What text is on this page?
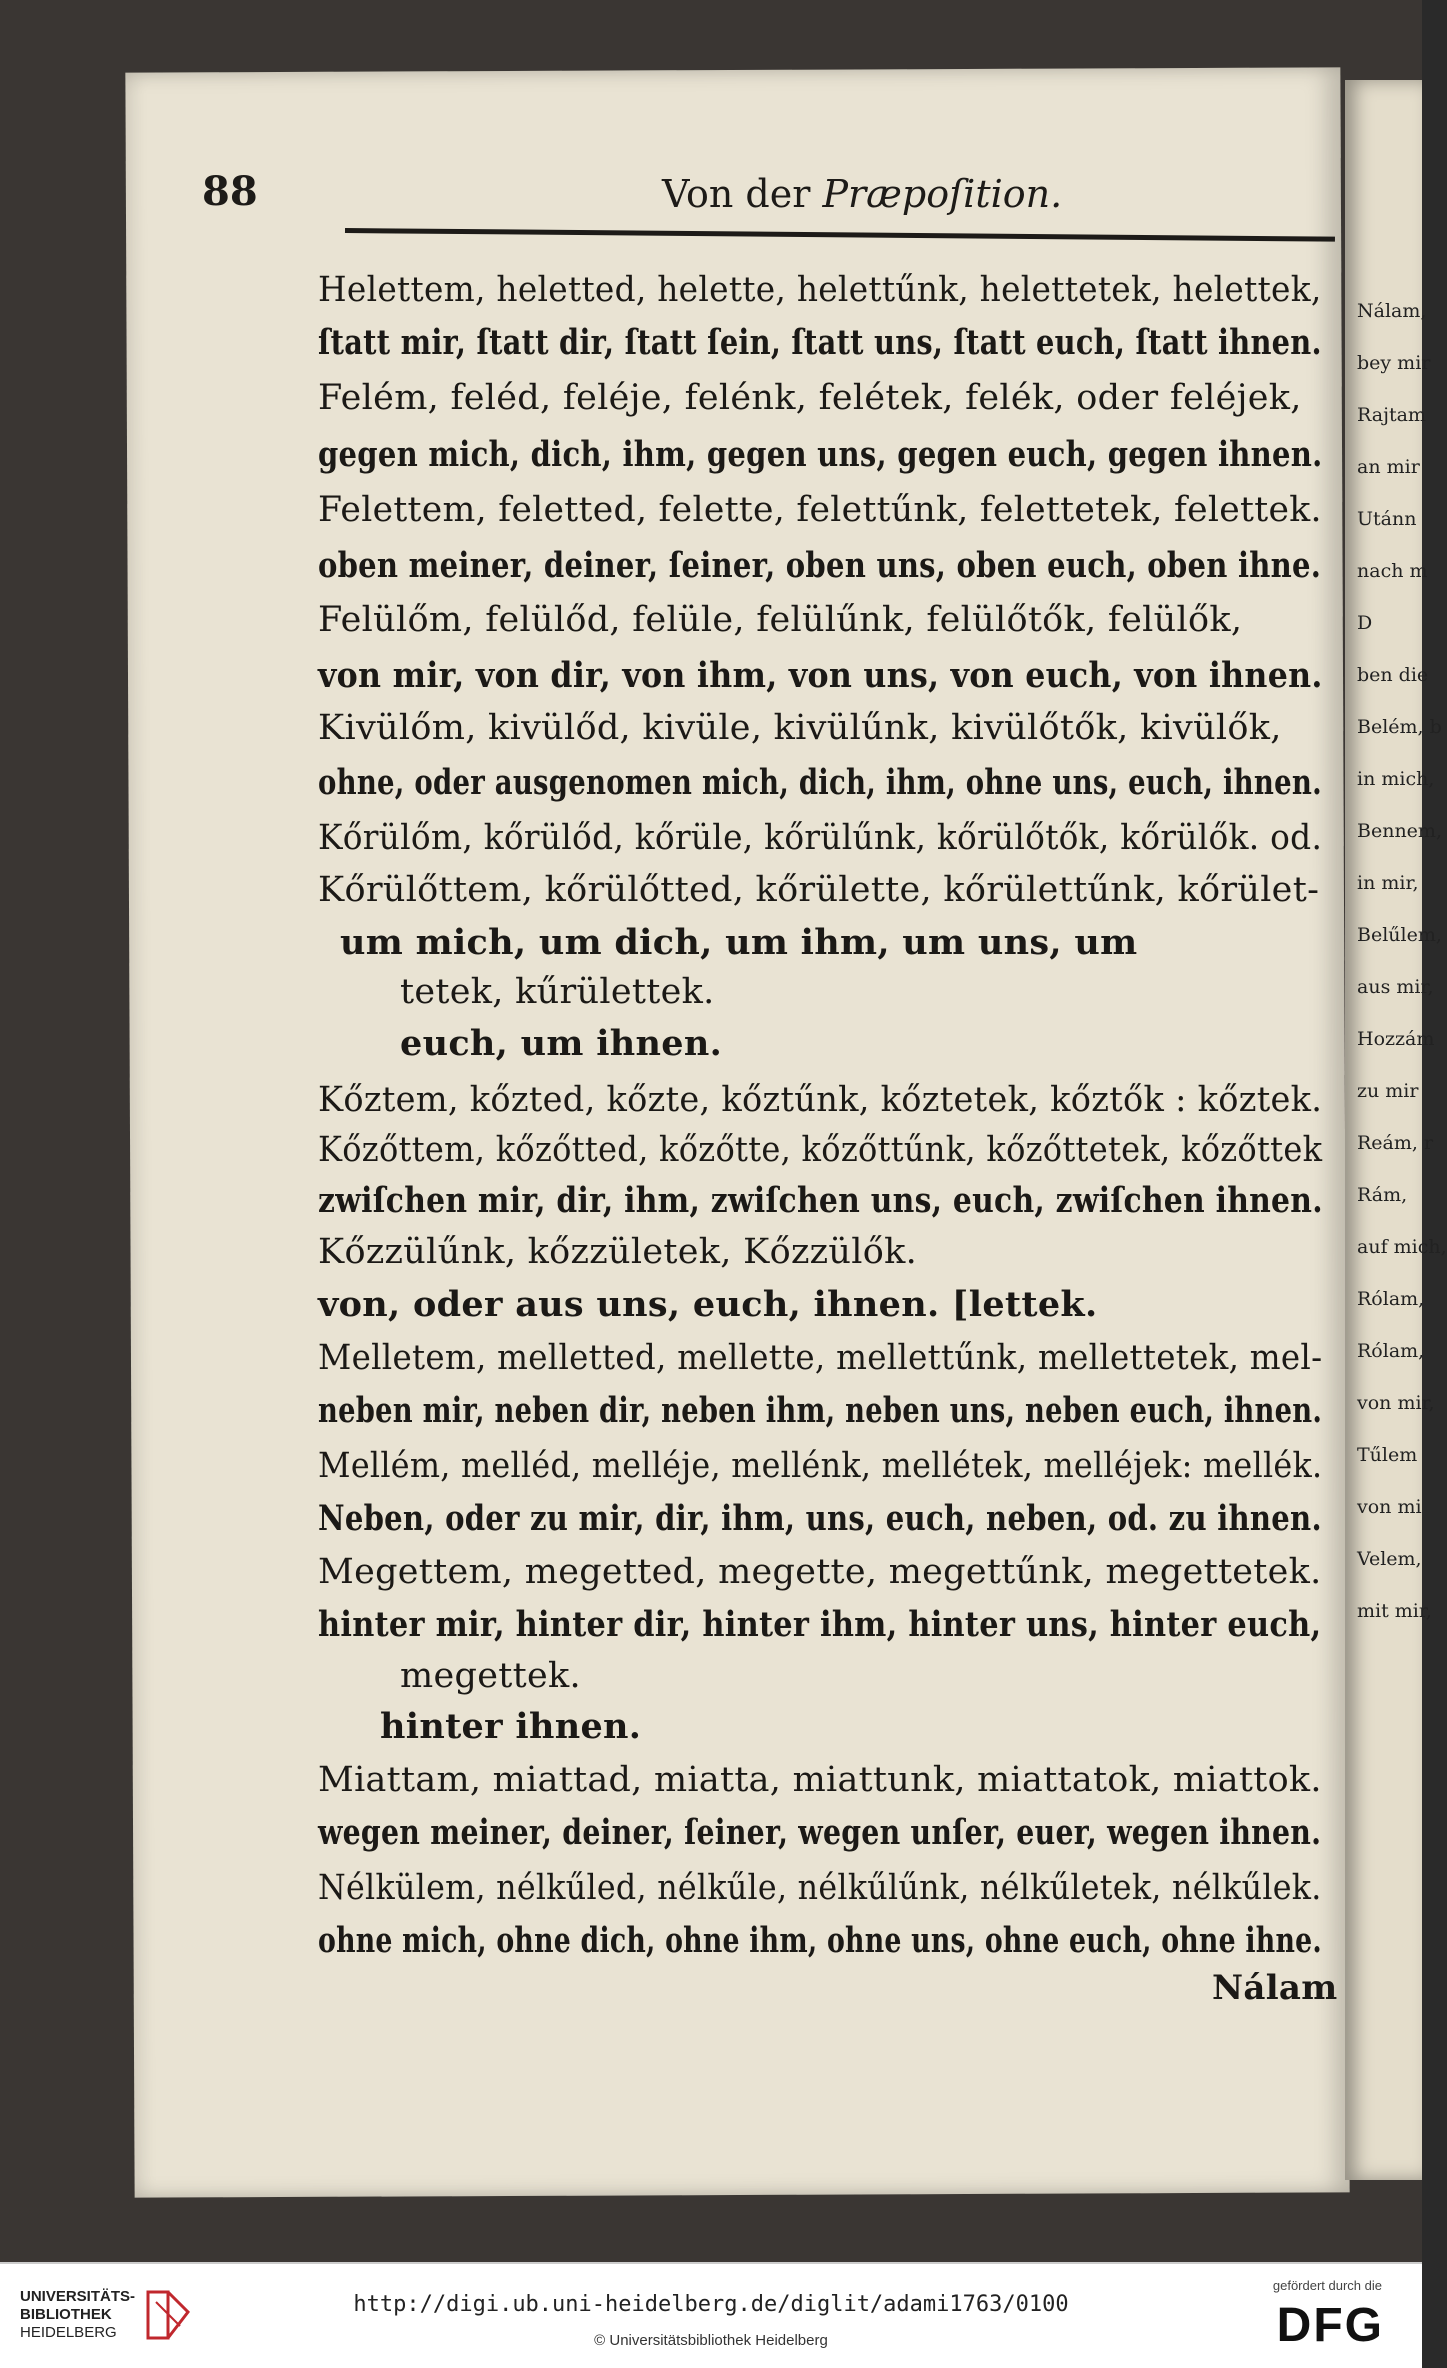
Nálam,
bey mir
Rajtam
an mir
Utánn
nach m
D
ben die
Belém, b
in mich,
Bennem,
in mir,
Belűlem,
aus mir,
Hozzám
zu mir
Reám, r
Rám,
auf mich,
Rólam,
Rólam,
von mir,
Tűlem
von mi
Velem,
mit mir,
88	Von der Præpoſition.
Helettem, heletted, helette, helettűnk, helettetek, helettek,
ſtatt mir, ſtatt dir, ſtatt ſein, ſtatt uns, ſtatt euch, ſtatt ihnen.
Felém, feléd, feléje, felénk, felétek, felék, oder feléjek,
gegen mich, dich, ihm, gegen uns, gegen euch, gegen ihnen.
Felettem, feletted, felette, felettűnk, felettetek, felettek.
oben meiner, deiner, ſeiner, oben uns, oben euch, oben ihne.
Felülőm, felülőd, felüle, felülűnk, felülőtők, felülők,
von mir, von dir, von ihm, von uns, von euch, von ihnen.
Kivülőm, kivülőd, kivüle, kivülűnk, kivülőtők, kivülők,
ohne, oder ausgenomen mich, dich, ihm, ohne uns, euch, ihnen.
Kőrülőm, kőrülőd, kőrüle, kőrülűnk, kőrülőtők, kőrülők. od.
Kőrülőttem, kőrülőtted, kőrülette, kőrülettűnk, kőrület-
um mich, um dich, um ihm, um uns, um
tetek, kűrülettek.
euch, um ihnen.
Kőztem, kőzted, kőzte, kőztűnk, kőztetek, kőztők : kőztek.
Kőzőttem, kőzőtted, kőzőtte, kőzőttűnk, kőzőttetek, kőzőttek
zwiſchen mir, dir, ihm, zwiſchen uns, euch, zwiſchen ihnen.
Kőzzülűnk, kőzzületek, Kőzzülők.
von, oder aus uns, euch, ihnen. [lettek.
Melletem, melletted, mellette, mellettűnk, mellettetek, mel-
neben mir, neben dir, neben ihm, neben uns, neben euch, ihnen.
Mellém, melléd, melléje, mellénk, mellétek, melléjek: mellék.
Neben, oder zu mir, dir, ihm, uns, euch, neben, od. zu ihnen.
Megettem, megetted, megette, megettűnk, megettetek.
hinter mir, hinter dir, hinter ihm, hinter uns, hinter euch,
megettek.
hinter ihnen.
Miattam, miattad, miatta, miattunk, miattatok, miattok.
wegen meiner, deiner, ſeiner, wegen unſer, euer, wegen ihnen.
Nélkülem, nélkűled, nélkűle, nélkűlűnk, nélkűletek, nélkűlek.
ohne mich, ohne dich, ohne ihm, ohne uns, ohne euch, ohne ihne.
Nálam
UNIVERSITÄTS-
BIBLIOTHEK
HEIDELBERG
http://digi.ub.uni-heidelberg.de/diglit/adami1763/0100
© Universitätsbibliothek Heidelberg
gefördert durch die
DFG
